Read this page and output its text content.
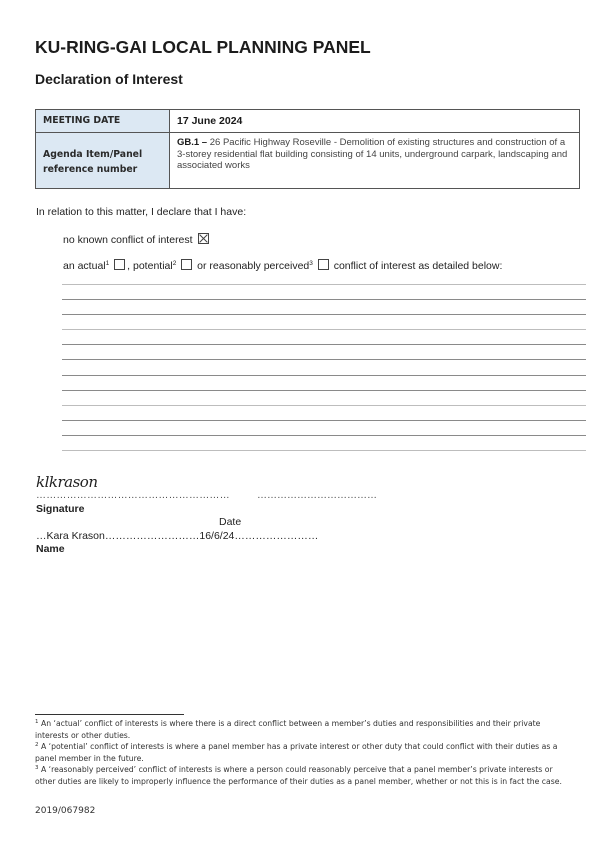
KU-RING-GAI LOCAL PLANNING PANEL
Declaration of Interest
MEETING DATE	17 June 2024

Agenda Item/Panel
reference number	GB.1 – 26 Pacific Highway Roseville - Demolition of existing structures and construction of a 3-storey residential flat building consisting of 14 units, underground carpark, landscaping and associated works
In relation to this matter, I declare that I have:
no known conflict of interest
an actual$^1$ , potential$^2$  or reasonably perceived$^3$  conflict of interest as detailed below:
klkrason
…………………………………………………	………………………………
Signature
Date
…Kara Krason………………………16/6/24……………………
Name

$^1$ An ‘actual’ conflict of interests is where there is a direct conflict between a member’s duties and responsibilities and their private interests or other duties.

$^2$ A ‘potential’ conflict of interests is where a panel member has a private interest or other duty that could conflict with their duties as a panel member in the future.

$^3$ A ‘reasonably perceived’ conflict of interests is where a person could reasonably perceive that a panel member’s private interests or other duties are likely to improperly influence the performance of their duties as a panel member, whether or not this is in fact the case.

2019/067982
